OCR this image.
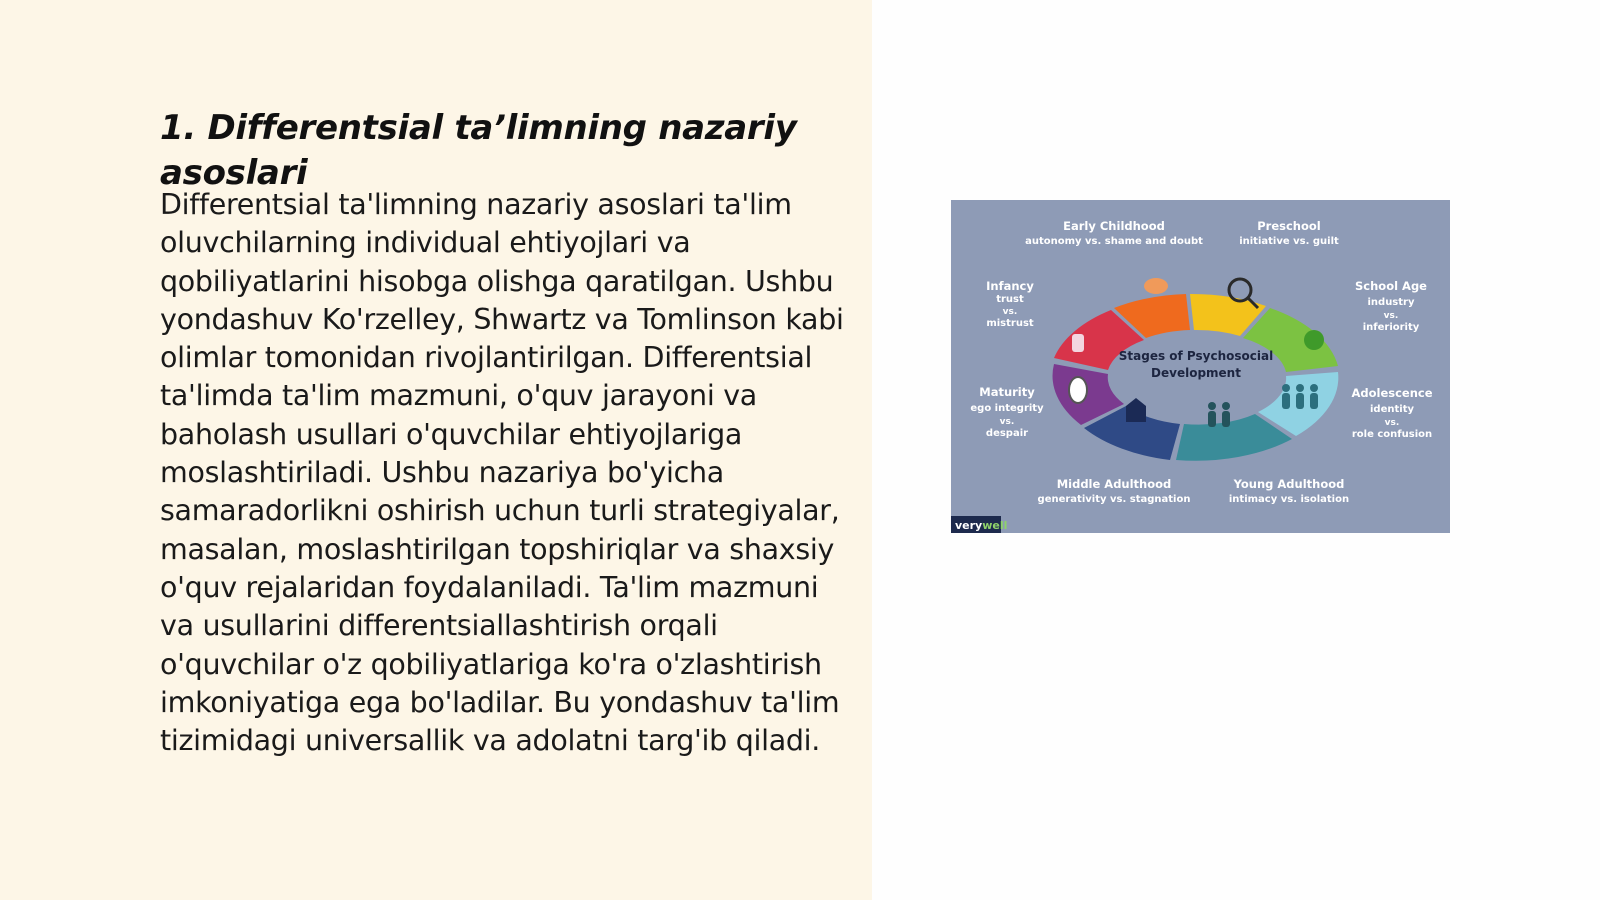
1. Differentsial ta’limning nazariy asoslari

Differentsial ta'limning nazariy asoslari ta'lim oluvchilarning individual ehtiyojlari va qobiliyatlarini hisobga olishga qaratilgan. Ushbu yondashuv Ko'rzelley, Shwartz va Tomlinson kabi olimlar tomonidan rivojlantirilgan. Differentsial ta'limda ta'lim mazmuni, o'quv jarayoni va baholash usullari o'quvchilar ehtiyojlariga moslashtiriladi. Ushbu nazariya bo'yicha samaradorlikni oshirish uchun turli strategiyalar, masalan, moslashtirilgan topshiriqlar va shaxsiy o'quv rejalaridan foydalaniladi. Ta'lim mazmuni va usullarini differentsiallashtirish orqali o'quvchilar o'z qobiliyatlariga ko'ra o'zlashtirish imkoniyatiga ega bo'ladilar. Bu yondashuv ta'lim tizimidagi universallik va adolatni targ'ib qiladi.

Stages of Psychosocial
Development
Early Childhood
autonomy vs. shame and doubt
Preschool
initiative vs. guilt
Infancy
trust
vs.
mistrust
School Age
industry
vs.
inferiority
Maturity
ego integrity
vs.
despair
Adolescence
identity
vs.
role confusion
Middle Adulthood
generativity vs. stagnation
Young Adulthood
intimacy vs. isolation
verywell
